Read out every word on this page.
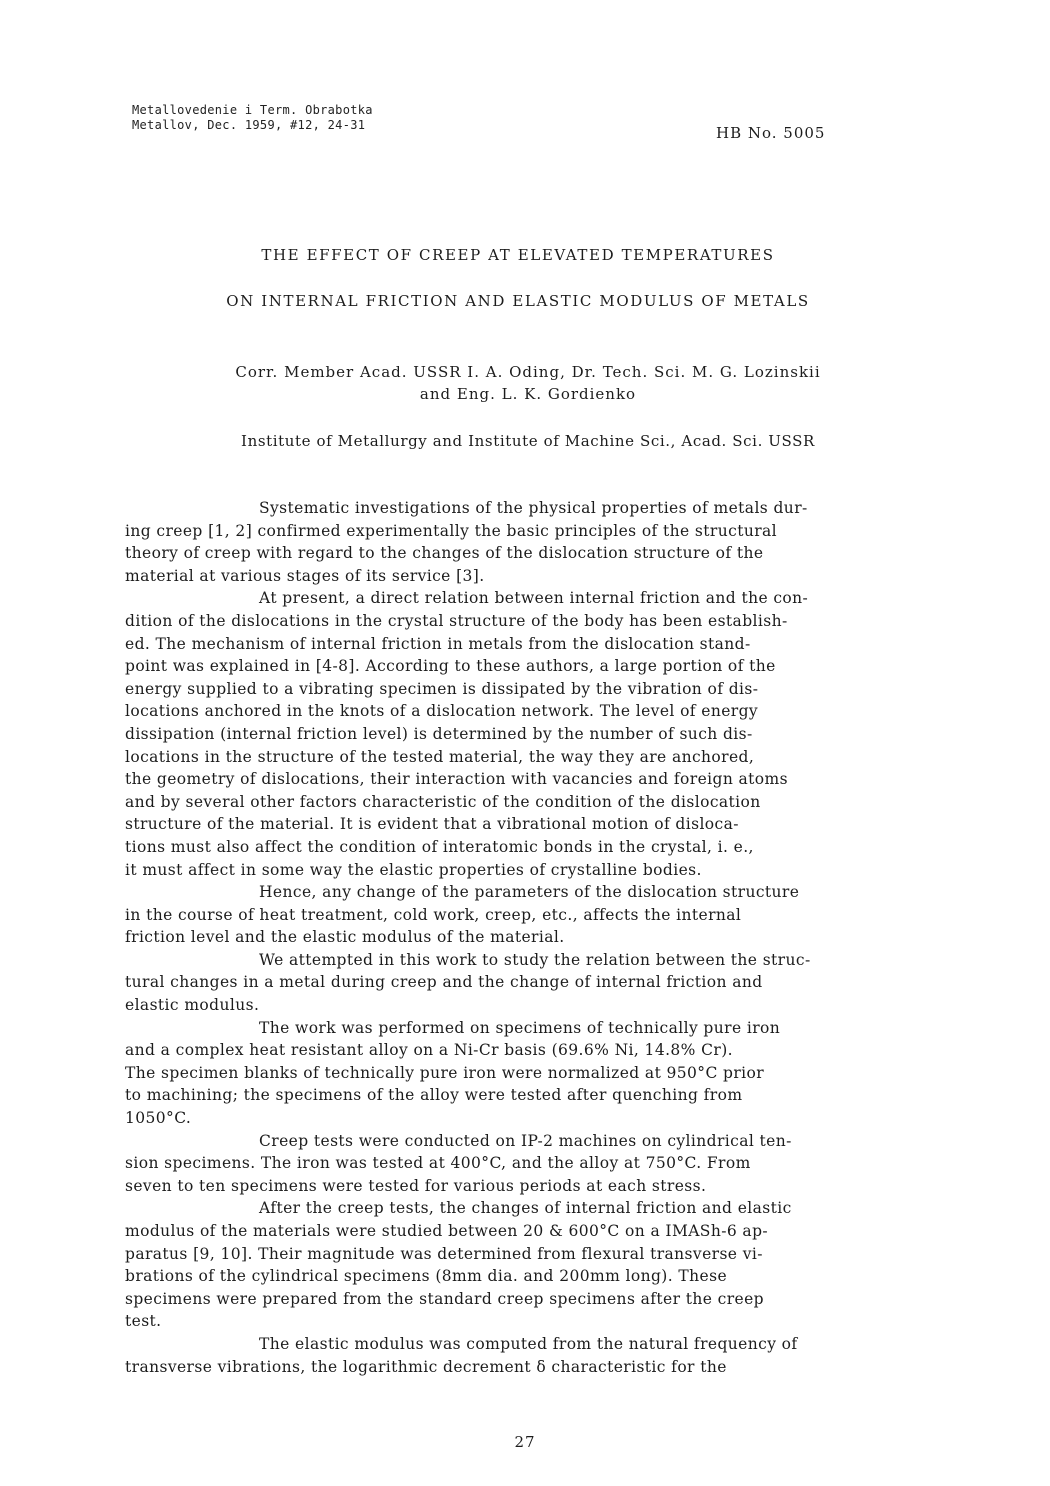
Metallovedenie i Term. Obrabotka
Metallov, Dec. 1959, #12, 24-31	HB No. 5005
THE EFFECT OF CREEP AT ELEVATED TEMPERATURES
ON INTERNAL FRICTION AND ELASTIC MODULUS OF METALS
Corr. Member Acad. USSR I. A. Oding, Dr. Tech. Sci. M. G. Lozinskii
and Eng. L. K. Gordienko
Institute of Metallurgy and Institute of Machine Sci., Acad. Sci. USSR
Systematic investigations of the physical properties of metals dur-
ing creep [1, 2] confirmed experimentally the basic principles of the structural
theory of creep with regard to the changes of the dislocation structure of the
material at various stages of its service [3].
At present, a direct relation between internal friction and the con-
dition of the dislocations in the crystal structure of the body has been establish-
ed. The mechanism of internal friction in metals from the dislocation stand-
point was explained in [4-8]. According to these authors, a large portion of the
energy supplied to a vibrating specimen is dissipated by the vibration of dis-
locations anchored in the knots of a dislocation network. The level of energy
dissipation (internal friction level) is determined by the number of such dis-
locations in the structure of the tested material, the way they are anchored,
the geometry of dislocations, their interaction with vacancies and foreign atoms
and by several other factors characteristic of the condition of the dislocation
structure of the material. It is evident that a vibrational motion of disloca-
tions must also affect the condition of interatomic bonds in the crystal, i. e.,
it must affect in some way the elastic properties of crystalline bodies.
Hence, any change of the parameters of the dislocation structure
in the course of heat treatment, cold work, creep, etc., affects the internal
friction level and the elastic modulus of the material.
We attempted in this work to study the relation between the struc-
tural changes in a metal during creep and the change of internal friction and
elastic modulus.
The work was performed on specimens of technically pure iron
and a complex heat resistant alloy on a Ni-Cr basis (69.6% Ni, 14.8% Cr).
The specimen blanks of technically pure iron were normalized at 950°C prior
to machining; the specimens of the alloy were tested after quenching from
1050°C.
Creep tests were conducted on IP-2 machines on cylindrical ten-
sion specimens. The iron was tested at 400°C, and the alloy at 750°C. From
seven to ten specimens were tested for various periods at each stress.
After the creep tests, the changes of internal friction and elastic
modulus of the materials were studied between 20 & 600°C on a IMASh-6 ap-
paratus [9, 10]. Their magnitude was determined from flexural transverse vi-
brations of the cylindrical specimens (8mm dia. and 200mm long). These
specimens were prepared from the standard creep specimens after the creep
test.
The elastic modulus was computed from the natural frequency of
transverse vibrations, the logarithmic decrement δ characteristic for the
27
